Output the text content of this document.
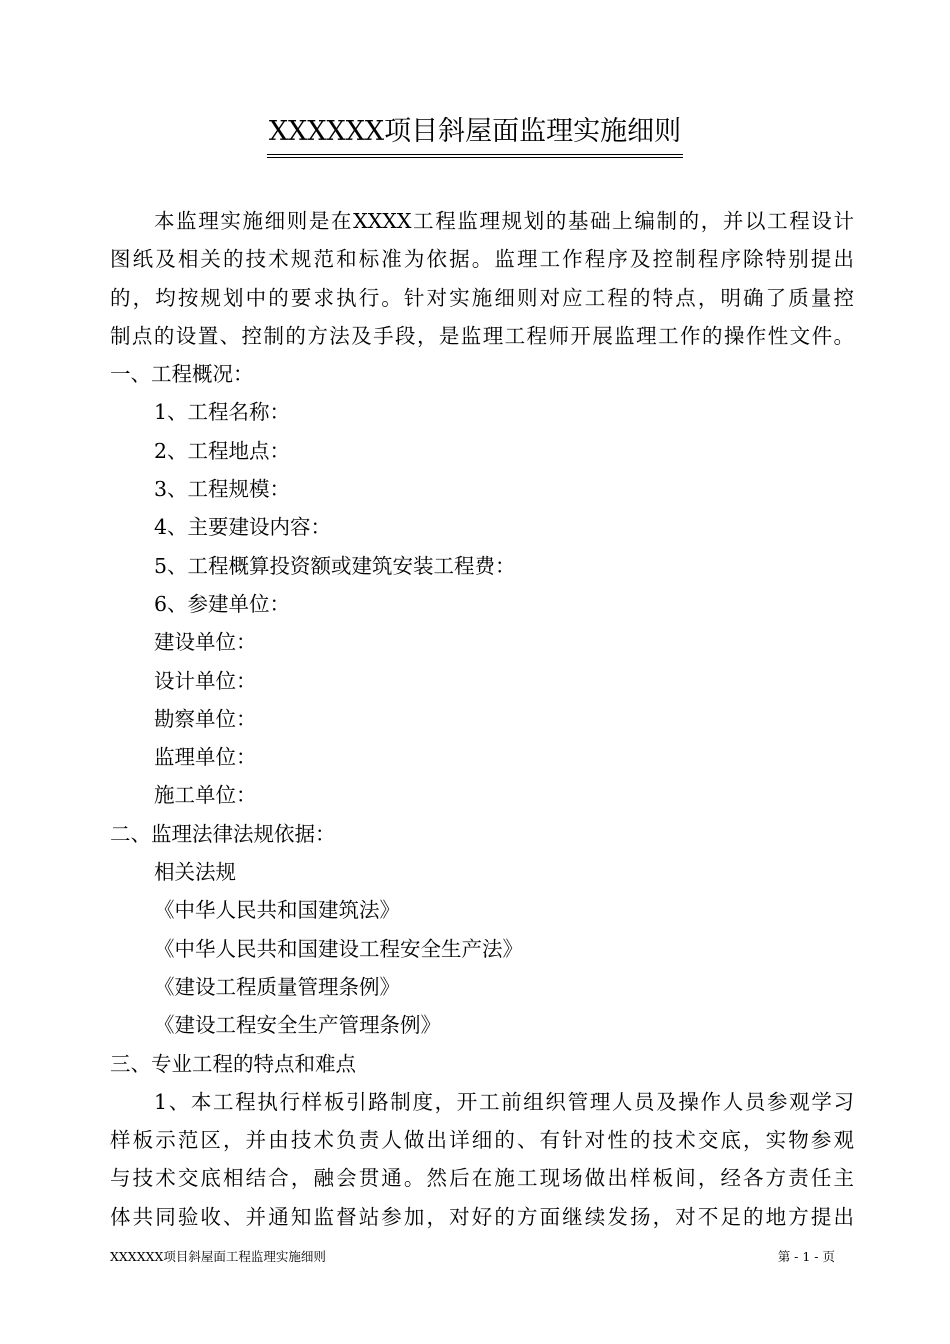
XXXXXX项目斜屋面监理实施细则
本监理实施细则是在XXXX工程监理规划的基础上编制的，并以工程设计
图纸及相关的技术规范和标准为依据。监理工作程序及控制程序除特别提出
的，均按规划中的要求执行。针对实施细则对应工程的特点，明确了质量控
制点的设置、控制的方法及手段，是监理工程师开展监理工作的操作性文件。
一、工程概况：
1、工程名称：
2、工程地点：
3、工程规模：
4、主要建设内容：
5、工程概算投资额或建筑安装工程费：
6、参建单位：
建设单位：
设计单位：
勘察单位：
监理单位：
施工单位：
二、监理法律法规依据：
相关法规
《中华人民共和国建筑法》
《中华人民共和国建设工程安全生产法》
《建设工程质量管理条例》
《建设工程安全生产管理条例》
三、专业工程的特点和难点
1、本工程执行样板引路制度，开工前组织管理人员及操作人员参观学习
样板示范区，并由技术负责人做出详细的、有针对性的技术交底，实物参观
与技术交底相结合，融会贯通。然后在施工现场做出样板间，经各方责任主
体共同验收、并通知监督站参加，对好的方面继续发扬，对不足的地方提出
XXXXXX项目斜屋面工程监理实施细则	第 - 1 - 页
